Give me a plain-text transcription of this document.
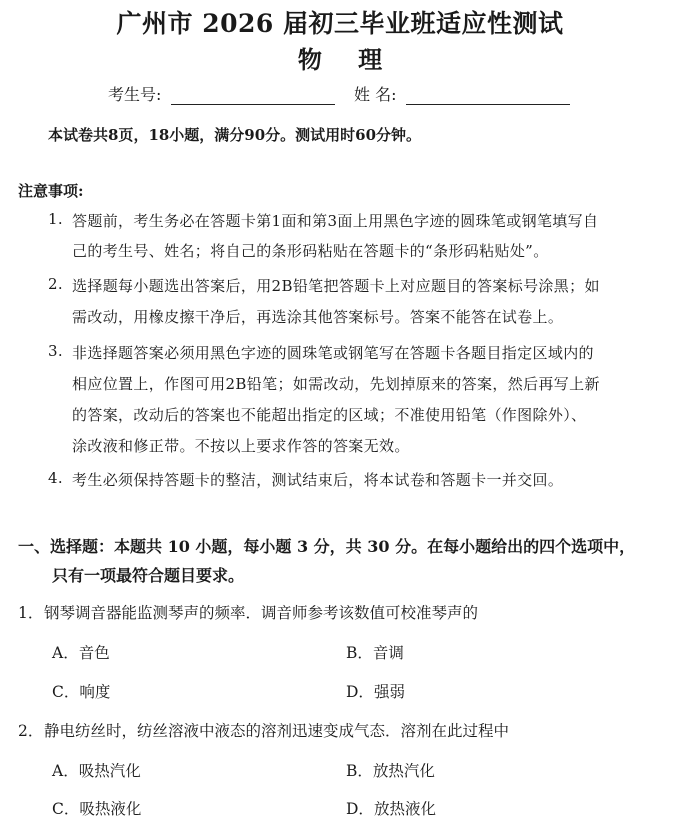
广州市 2026 届初三毕业班适应性测试
物 理
考生号:	姓 名:
本试卷共8页，18小题，满分90分。测试用时60分钟。
注意事项:
1. 答题前，考生务必在答题卡第1面和第3面上用黑色字迹的圆珠笔或钢笔填写自
己的考生号、姓名；将自己的条形码粘贴在答题卡的“条形码粘贴处”。
2. 选择题每小题选出答案后，用2B铅笔把答题卡上对应题目的答案标号涂黑；如
需改动，用橡皮擦干净后，再选涂其他答案标号。答案不能答在试卷上。
3. 非选择题答案必须用黑色字迹的圆珠笔或钢笔写在答题卡各题目指定区域内的
相应位置上，作图可用2B铅笔；如需改动，先划掉原来的答案，然后再写上新
的答案，改动后的答案也不能超出指定的区域；不准使用铅笔（作图除外）、
涂改液和修正带。不按以上要求作答的答案无效。
4. 考生必须保持答题卡的整洁，测试结束后，将本试卷和答题卡一并交回。
一、选择题：本题共 10 小题，每小题 3 分，共 30 分。在每小题给出的四个选项中，
只有一项最符合题目要求。
1． 钢琴调音器能监测琴声的频率．调音师参考该数值可校准琴声的
A．音色	B．音调
C．响度	D．强弱
2． 静电纺丝时，纺丝溶液中液态的溶剂迅速变成气态．溶剂在此过程中
A．吸热汽化	B．放热汽化
C．吸热液化	D．放热液化
